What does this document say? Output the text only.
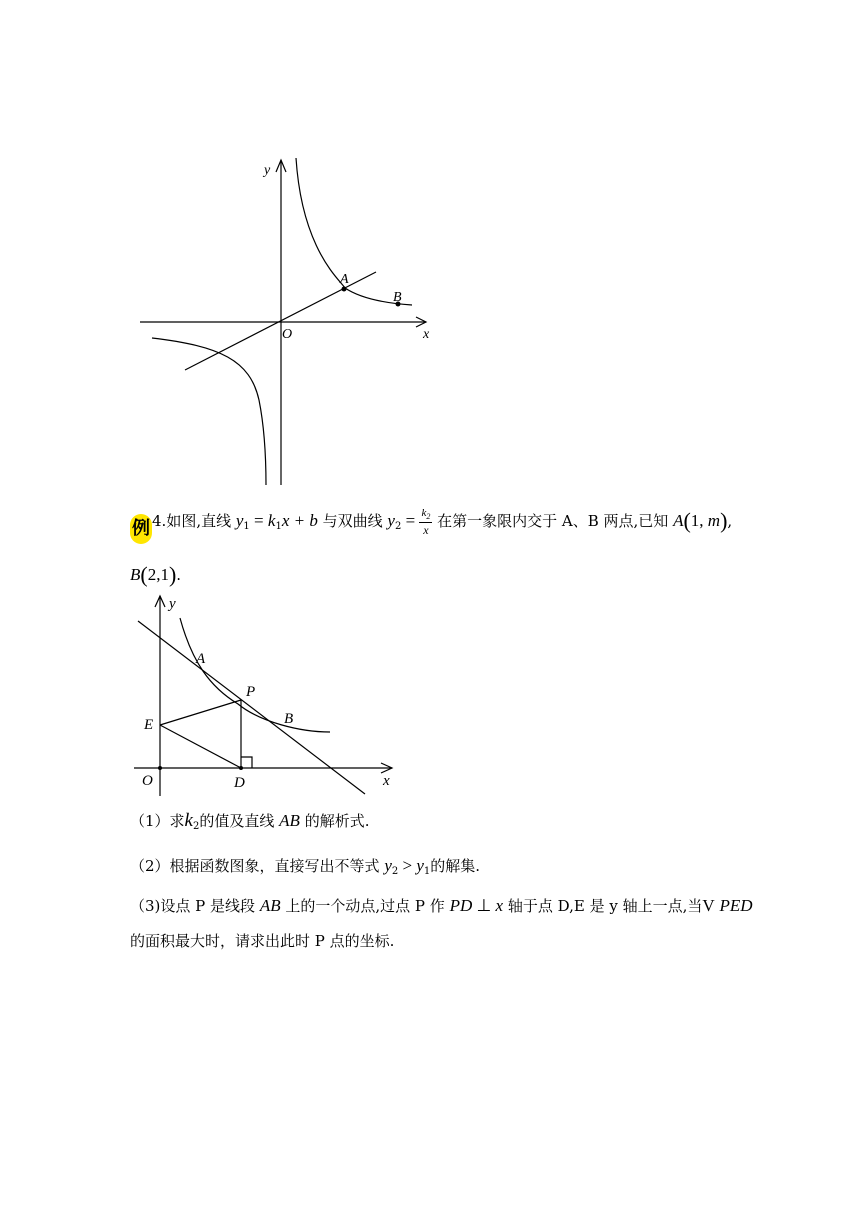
y
x
O
A
B
例 4.如图,直线 $y_1 = k_1x + b$ 与双曲线 $y_2 = \frac{k_2}{x}$ 在第一象限内交于 A、B 两点,已知 A(1, m),
B(2,1).
y
x
O
A
B
P
E
D
（1）求$k_2$的值及直线 AB 的解析式.
（2）根据函数图象，直接写出不等式 $y_2 > y_1$的解集.
（3)设点 P 是线段 AB 上的一个动点,过点 P 作 PD ⊥ x 轴于点 D,E 是 y 轴上一点,当V PED
的面积最大时，请求出此时 P 点的坐标.
